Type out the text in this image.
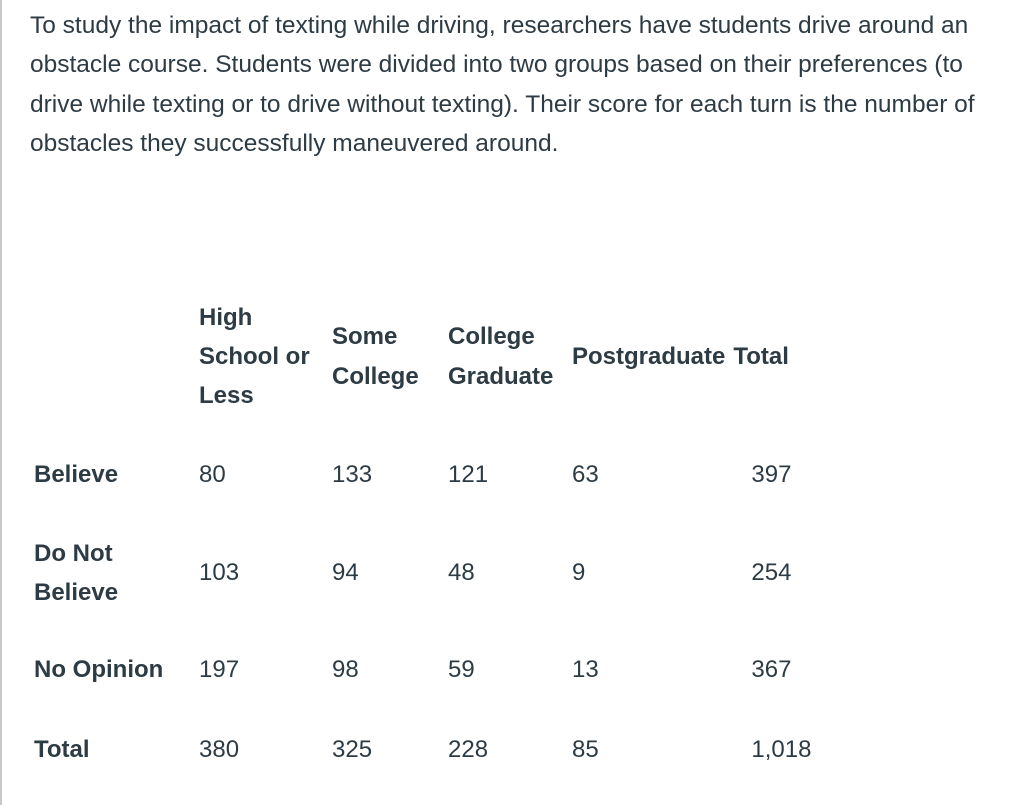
To study the impact of texting while driving, researchers have students drive around an obstacle course. Students were divided into two groups based on their preferences (to drive while texting or to drive without texting). Their score for each turn is the number of obstacles they successfully maneuvered around.

	High
School or
Less	Some
College	College
Graduate	Postgraduate	Total
Believe	80	133	121	63	397

Do Not
Believe	103	94	48	9	254
No Opinion	197	98	59	13	367
Total	380	325	228	85	1,018
